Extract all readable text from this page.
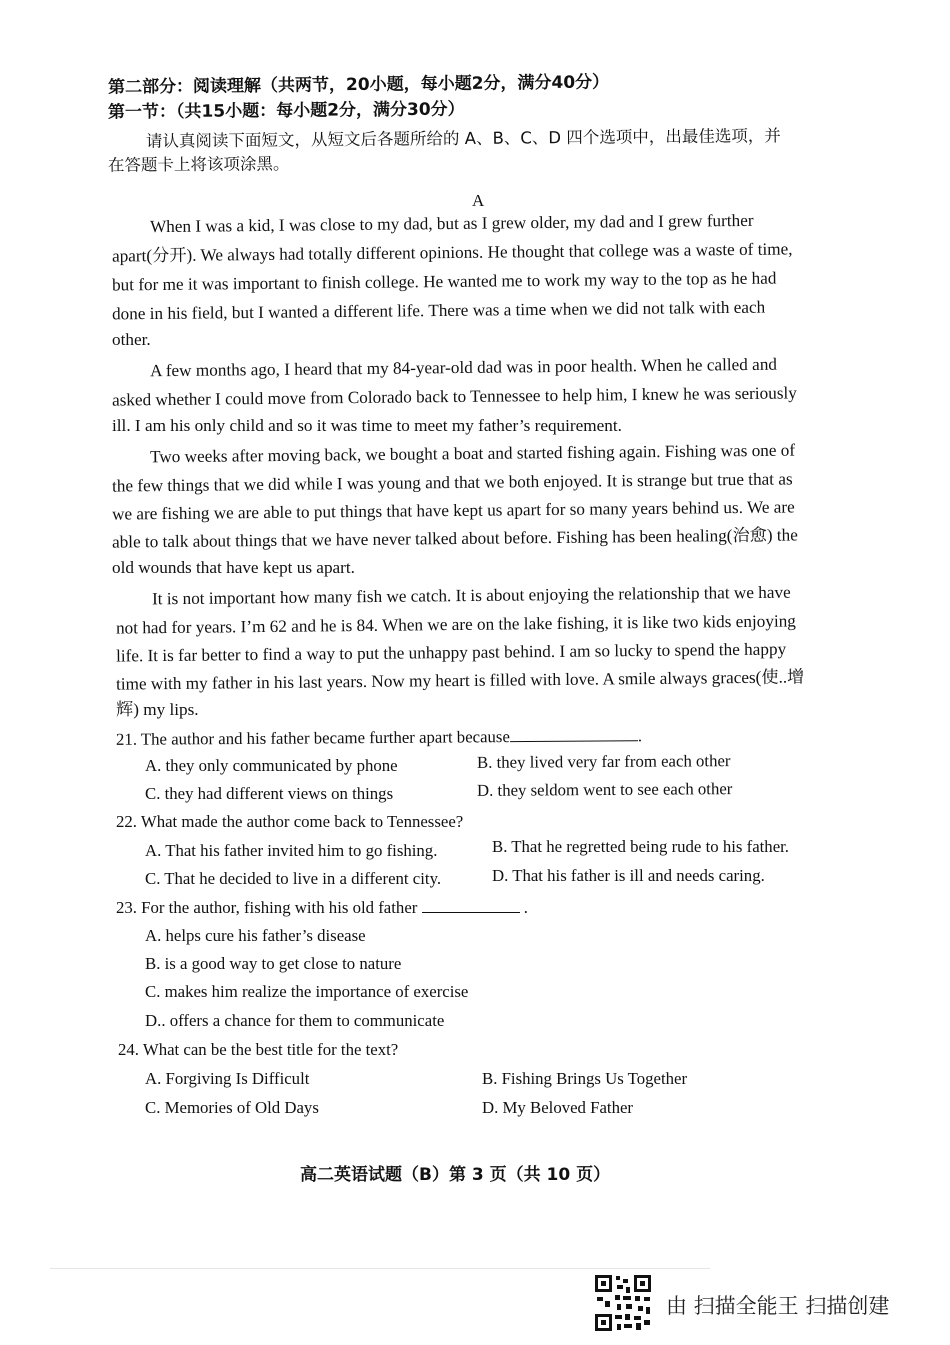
第二部分：阅读理解（共两节，20小题，每小题2分，满分40分）
第一节：（共15小题：每小题2分，满分30分）
请认真阅读下面短文，从短文后各题所给的 A、B、C、D 四个选项中，出最佳选项，并
在答题卡上将该项涂黑。
A
When I was a kid, I was close to my dad, but as I grew older, my dad and I grew further
apart(分开). We always had totally different opinions. He thought that college was a waste of time,
but for me it was important to finish college. He wanted me to work my way to the top as he had
done in his field, but I wanted a different life. There was a time when we did not talk with each
other.
A few months ago, I heard that my 84-year-old dad was in poor health. When he called and
asked whether I could move from Colorado back to Tennessee to help him, I knew he was seriously
ill. I am his only child and so it was time to meet my father’s requirement.
Two weeks after moving back, we bought a boat and started fishing again. Fishing was one of
the few things that we did while I was young and that we both enjoyed. It is strange but true that as
we are fishing we are able to put things that have kept us apart for so many years behind us. We are
able to talk about things that we have never talked about before. Fishing has been healing(治愈) the
old wounds that have kept us apart.
It is not important how many fish we catch. It is about enjoying the relationship that we have
not had for years. I’m 62 and he is 84. When we are on the lake fishing, it is like two kids enjoying
life. It is far better to find a way to put the unhappy past behind. I am so lucky to spend the happy
time with my father in his last years. Now my heart is filled with love. A smile always graces(使..增
辉) my lips.
21. The author and his father became further apart because	.
A. they only communicated by phone	B. they lived very far from each other
C. they had different views on things	D. they seldom went to see each other
22. What made the author come back to Tennessee?
A. That his father invited him to go fishing.	B. That he regretted being rude to his father.
C. That he decided to live in a different city.	D. That his father is ill and needs caring.
23. For the author, fishing with his old father	.
A. helps cure his father’s disease
B. is a good way to get close to nature
C. makes him realize the importance of exercise
D.. offers a chance for them to communicate
24. What can be the best title for the text?
A. Forgiving Is Difficult	B. Fishing Brings Us Together
C. Memories of Old Days	D. My Beloved Father
高二英语试题（B）第 3 页（共 10 页）
由 扫描全能王 扫描创建
